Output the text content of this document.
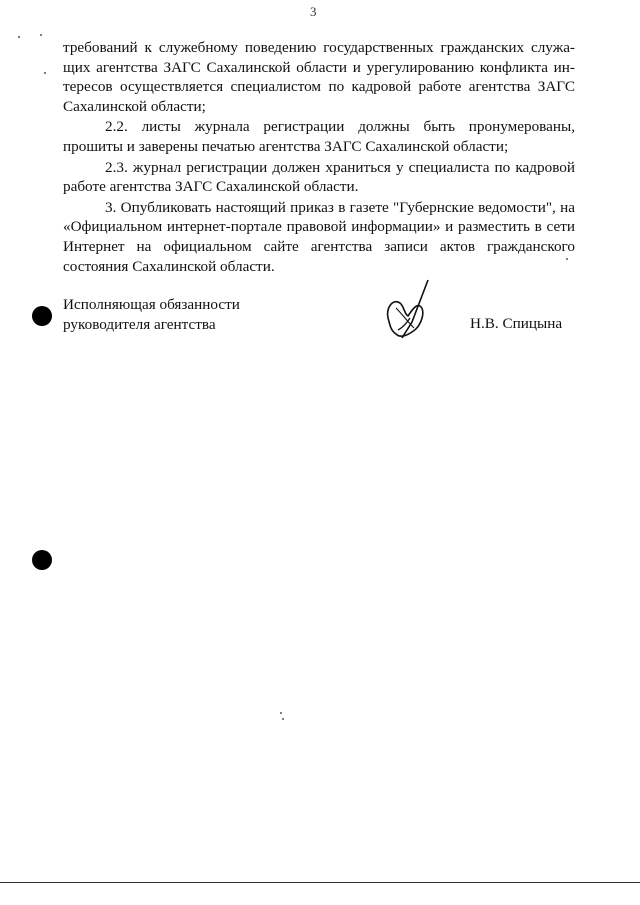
3

требований к служебному поведению государственных гражданских служа-щих агентства ЗАГС Сахалинской области и урегулированию конфликта ин-тересов осуществляется специалистом по кадровой работе агентства ЗАГС Сахалинской области;

2.2. листы журнала регистрации должны быть пронумерованы, прошиты и заверены печатью агентства ЗАГС Сахалинской области;

2.3. журнал регистрации должен храниться у специалиста по кадровой работе агентства ЗАГС Сахалинской области.

3. Опубликовать настоящий приказ в газете "Губернские ведомости", на «Официальном интернет-портале правовой информации» и разместить в сети Интернет на официальном сайте агентства записи актов гражданского состояния Сахалинской области.

Исполняющая обязанности
руководителя агентства	Н.В. Спицына
